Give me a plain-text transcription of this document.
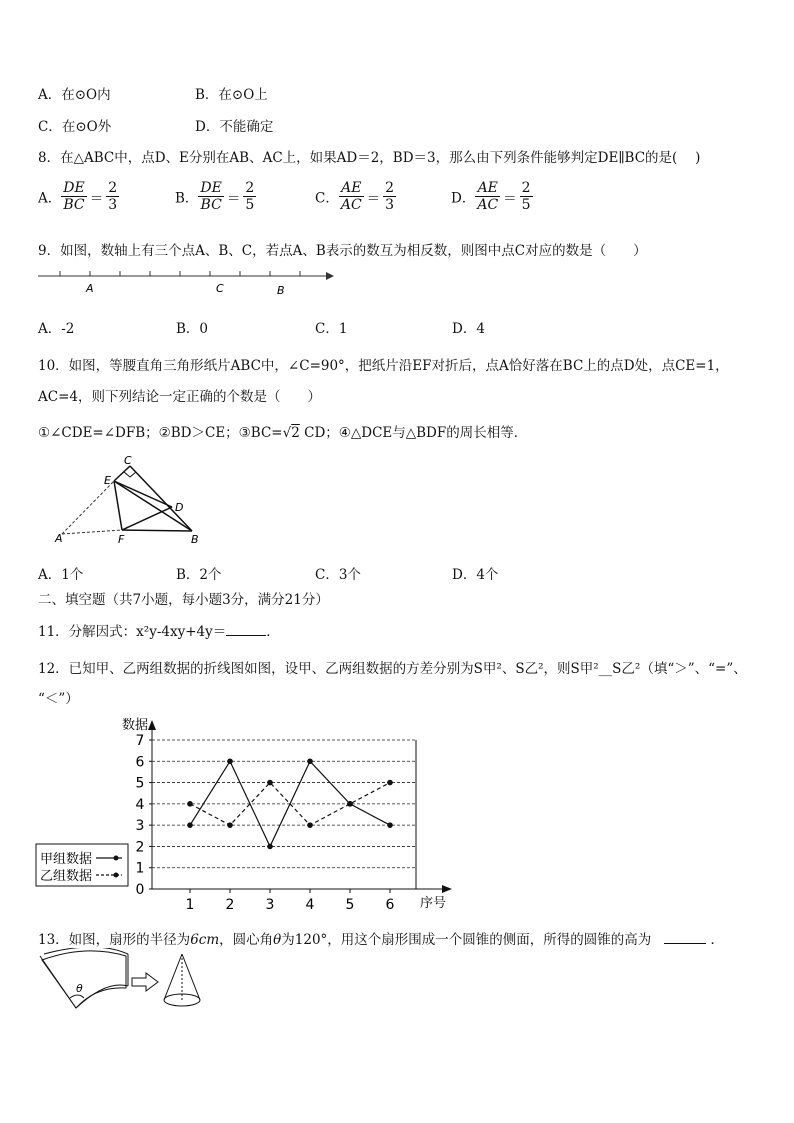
A．在⊙O内	B．在⊙O上
C．在⊙O外	D．不能确定
8．在△ABC中，点D、E分别在AB、AC上，如果AD＝2，BD＝3，那么由下列条件能够判定DE∥BC的是(　 )
A． $\frac{DE}{BC} = \frac{2}{3}$	B． $\frac{DE}{BC} = \frac{2}{5}$	C． $\frac{AE}{AC} = \frac{2}{3}$	D． $\frac{AE}{AC} = \frac{2}{5}$
9．如图，数轴上有三个点A、B、C，若点A、B表示的数互为相反数，则图中点C对应的数是（　　）
A	C	B
A．-2	B．0	C．1	D．4
10．如图，等腰直角三角形纸片ABC中，∠C=90°，把纸片沿EF对折后，点A恰好落在BC上的点D处，点CE=1，
AC=4，则下列结论一定正确的个数是（　　）
①∠CDE=∠DFB；②BD＞CE；③BC=√2 CD；④△DCE与△BDF的周长相等．
C
E
D
A	F	B
A．1个	B．2个	C．3个	D．4个
二、填空题（共7小题，每小题3分，满分21分）
11．分解因式：x²y-4xy+4y＝	．
12．已知甲、乙两组数据的折线图如图，设甲、乙两组数据的方差分别为S甲²、S乙²，则S甲²__S乙²（填“＞”、“=”、
“＜”）
0
1
2
3
4
5
6
7
1 2 3 4 5 6
数据
序号
甲组数据
乙组数据
13．如图，扇形的半径为6cm，圆心角θ为120°，用这个扇形围成一个圆锥的侧面，所得的圆锥的高为	．
θ
